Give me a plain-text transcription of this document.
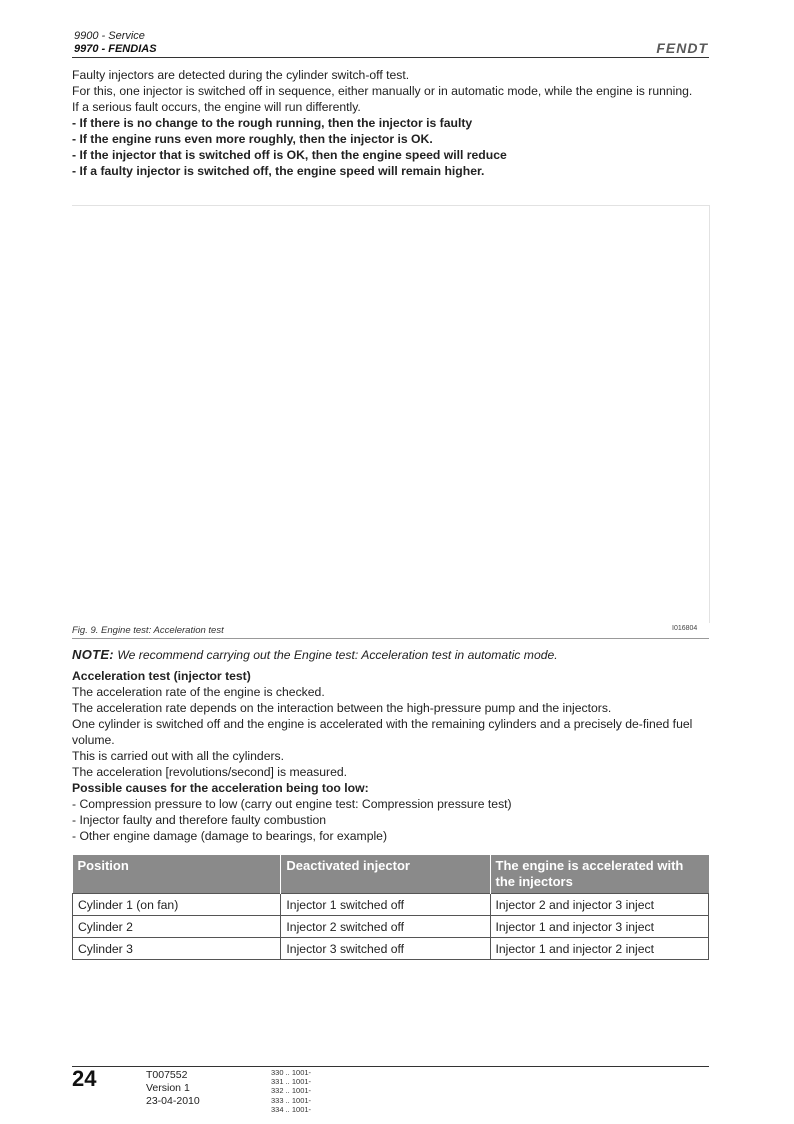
9900 - Service
9970 - FENDIAS	FENDT
Faulty injectors are detected during the cylinder switch-off test.
For this, one injector is switched off in sequence, either manually or in automatic mode, while the engine is running.
If a serious fault occurs, the engine will run differently.
- If there is no change to the rough running, then the injector is faulty
- If the engine runs even more roughly, then the injector is OK.
- If the injector that is switched off is OK, then the engine speed will reduce
- If a faulty injector is switched off, the engine speed will remain higher.
Fig. 9. Engine test: Acceleration test	I016804
NOTE: We recommend carrying out the Engine test: Acceleration test in automatic mode.
Acceleration test (injector test)
The acceleration rate of the engine is checked.
The acceleration rate depends on the interaction between the high-pressure pump and the injectors.
One cylinder is switched off and the engine is accelerated with the remaining cylinders and a precisely de-fined fuel volume.
This is carried out with all the cylinders.
The acceleration [revolutions/second] is measured.
Possible causes for the acceleration being too low:
- Compression pressure to low (carry out engine test: Compression pressure test)
- Injector faulty and therefore faulty combustion
- Other engine damage (damage to bearings, for example)
Position	Deactivated injector	The engine is accelerated with the injectors
Cylinder 1 (on fan)	Injector 1 switched off	Injector 2 and injector 3 inject
Cylinder 2	Injector 2 switched off	Injector 1 and injector 3 inject
Cylinder 3	Injector 3 switched off	Injector 1 and injector 2 inject
24	T007552
Version 1
23-04-2010
330 .. 1001-
331 .. 1001-
332 .. 1001-
333 .. 1001-
334 .. 1001-
